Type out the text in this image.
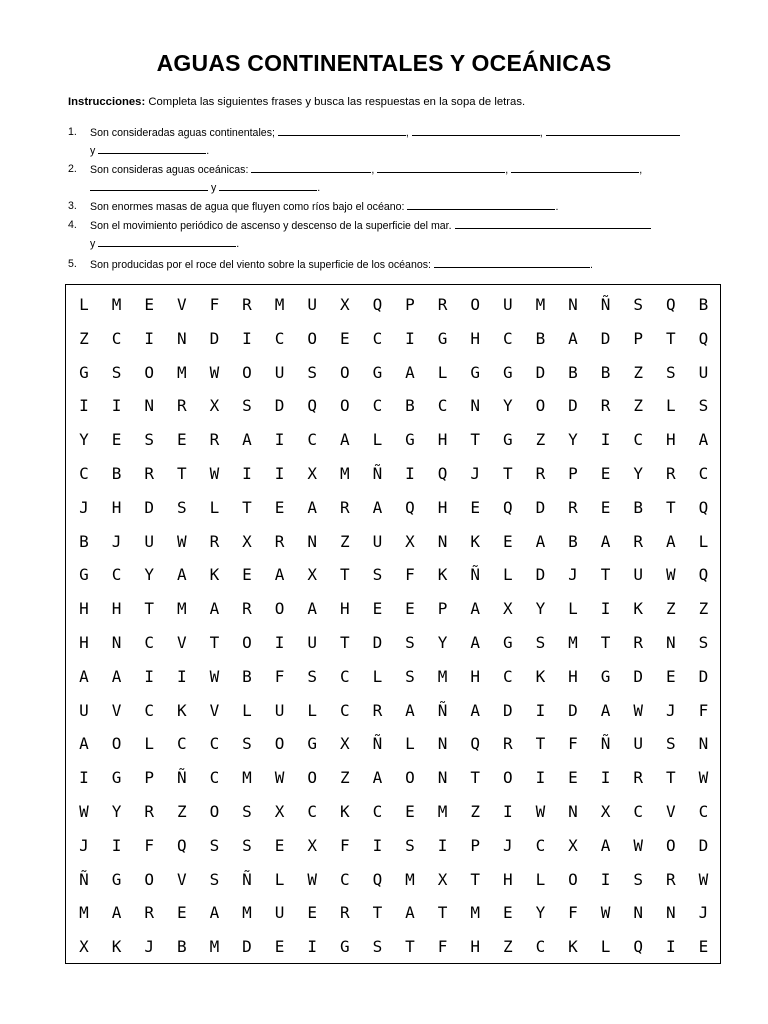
AGUAS CONTINENTALES Y OCEÁNICAS
Instrucciones: Completa las siguientes frases y busca las respuestas en la sopa de letras.
1. Son consideradas aguas continentales;	,	,
y	.
2. Son consideras aguas oceánicas:	,	,	,
y	.
3. Son enormes masas de agua que fluyen como ríos bajo el océano:	.
4. Son el movimiento periódico de ascenso y descenso de la superficie del mar.
y	.
5. Son producidas por el roce del viento sobre la superficie de los océanos:	.
L	M	E	V	F	R	M	U	X	Q	P	R	O	U	M	N	Ñ	S	Q	B
Z	C	I	N	D	I	C	O	E	C	I	G	H	C	B	A	D	P	T	Q
G	S	O	M	W	O	U	S	O	G	A	L	G	G	D	B	B	Z	S	U
I	I	N	R	X	S	D	Q	O	C	B	C	N	Y	O	D	R	Z	L	S
Y	E	S	E	R	A	I	C	A	L	G	H	T	G	Z	Y	I	C	H	A
C	B	R	T	W	I	I	X	M	Ñ	I	Q	J	T	R	P	E	Y	R	C
J	H	D	S	L	T	E	A	R	A	Q	H	E	Q	D	R	E	B	T	Q
B	J	U	W	R	X	R	N	Z	U	X	N	K	E	A	B	A	R	A	L
G	C	Y	A	K	E	A	X	T	S	F	K	Ñ	L	D	J	T	U	W	Q
H	H	T	M	A	R	O	A	H	E	E	P	A	X	Y	L	I	K	Z	Z
H	N	C	V	T	O	I	U	T	D	S	Y	A	G	S	M	T	R	N	S
A	A	I	I	W	B	F	S	C	L	S	M	H	C	K	H	G	D	E	D
U	V	C	K	V	L	U	L	C	R	A	Ñ	A	D	I	D	A	W	J	F
A	O	L	C	C	S	O	G	X	Ñ	L	N	Q	R	T	F	Ñ	U	S	N
I	G	P	Ñ	C	M	W	O	Z	A	O	N	T	O	I	E	I	R	T	W
W	Y	R	Z	O	S	X	C	K	C	E	M	Z	I	W	N	X	C	V	C
J	I	F	Q	S	S	E	X	F	I	S	I	P	J	C	X	A	W	O	D
Ñ	G	O	V	S	Ñ	L	W	C	Q	M	X	T	H	L	O	I	S	R	W
M	A	R	E	A	M	U	E	R	T	A	T	M	E	Y	F	W	N	N	J
X	K	J	B	M	D	E	I	G	S	T	F	H	Z	C	K	L	Q	I	E
